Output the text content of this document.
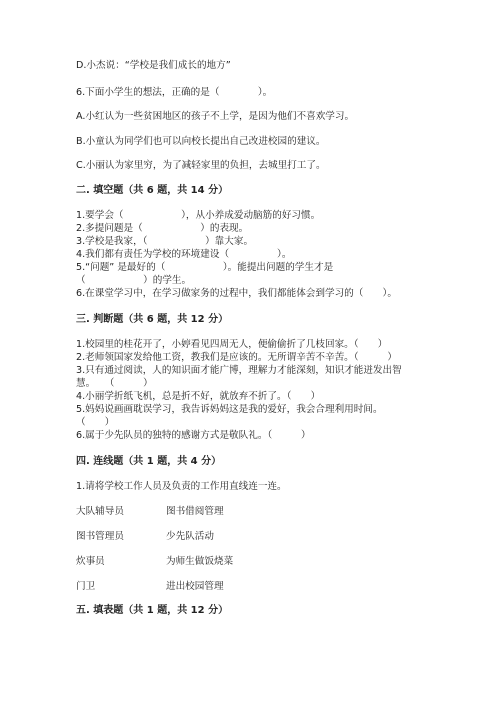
D.小杰说：“学校是我们成长的地方”
6.下面小学生的想法，正确的是（　　　　）。
A.小红认为一些贫困地区的孩子不上学，是因为他们不喜欢学习。
B.小童认为同学们也可以向校长提出自己改进校园的建议。
C.小丽认为家里穷，为了减轻家里的负担，去城里打工了。
二. 填空题（共 6 题，共 14 分）
1.要学会（　　　　　　），从小养成爱动脑筋的好习惯。
2.多提问题是（　　　　　　）的表现。
3.学校是我家，（　　　　　　）靠大家。
4.我们都有责任为学校的环境建设（　　　　　）。
5.“问题” 是最好的（　　　　　　）。能提出问题的学生才是
（　　　　　　）的学生。
6.在课堂学习中，在学习做家务的过程中，我们都能体会到学习的（　　）。
三. 判断题（共 6 题，共 12 分）
1.校园里的桂花开了，小婷看见四周无人，便偷偷折了几枝回家。（　　）
2.老师领国家发给他工资，教我们是应该的。无所谓辛苦不辛苦。（　　　）
3.只有通过阅读，人的知识面才能广博，理解力才能深刻，知识才能迸发出智
慧。　　（　　　）
4.小丽学折纸飞机，总是折不好，就放弃不折了。（　　）
5.妈妈说画画耽误学习，我告诉妈妈这是我的爱好，我会合理利用时间。
（　　）
6.属于少先队员的独特的感谢方式是敬队礼。（　　　）
四. 连线题（共 1 题，共 4 分）
1.请将学校工作人员及负责的工作用直线连一连。
大队辅导员	图书借阅管理
图书管理员	少先队活动
炊事员	为师生做饭烧菜
门卫	进出校园管理
五. 填表题（共 1 题，共 12 分）
